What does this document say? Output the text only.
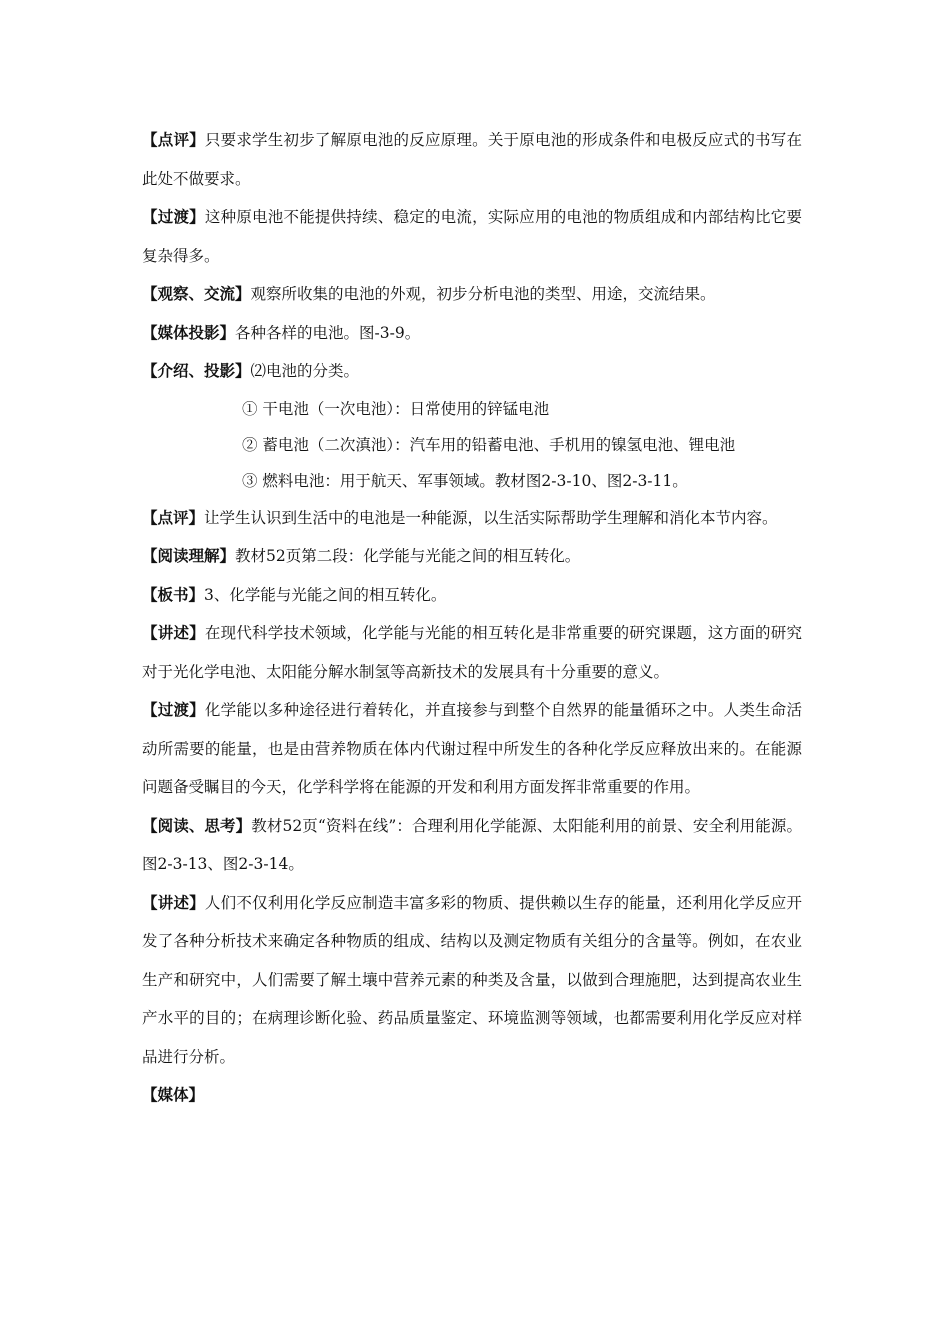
【点评】只要求学生初步了解原电池的反应原理。关于原电池的形成条件和电极反应式的书写在此处不做要求。

【过渡】这种原电池不能提供持续、稳定的电流，实际应用的电池的物质组成和内部结构比它要复杂得多。

【观察、交流】观察所收集的电池的外观，初步分析电池的类型、用途，交流结果。

【媒体投影】各种各样的电池。图-3-9。

【介绍、投影】⑵电池的分类。

① 干电池（一次电池）：日常使用的锌锰电池

② 蓄电池（二次滇池）：汽车用的铅蓄电池、手机用的镍氢电池、锂电池

③ 燃料电池：用于航天、军事领域。教材图2-3-10、图2-3-11。

【点评】让学生认识到生活中的电池是一种能源，以生活实际帮助学生理解和消化本节内容。

【阅读理解】教材52页第二段：化学能与光能之间的相互转化。

【板书】3、化学能与光能之间的相互转化。

【讲述】在现代科学技术领域，化学能与光能的相互转化是非常重要的研究课题，这方面的研究对于光化学电池、太阳能分解水制氢等高新技术的发展具有十分重要的意义。

【过渡】化学能以多种途径进行着转化，并直接参与到整个自然界的能量循环之中。人类生命活动所需要的能量，也是由营养物质在体内代谢过程中所发生的各种化学反应释放出来的。在能源问题备受瞩目的今天，化学科学将在能源的开发和利用方面发挥非常重要的作用。

【阅读、思考】教材52页“资料在线”：合理利用化学能源、太阳能利用的前景、安全利用能源。图2-3-13、图2-3-14。

【讲述】人们不仅利用化学反应制造丰富多彩的物质、提供赖以生存的能量，还利用化学反应开发了各种分析技术来确定各种物质的组成、结构以及测定物质有关组分的含量等。例如，在农业生产和研究中，人们需要了解土壤中营养元素的种类及含量，以做到合理施肥，达到提高农业生产水平的目的；在病理诊断化验、药品质量鉴定、环境监测等领域，也都需要利用化学反应对样品进行分析。

【媒体】
